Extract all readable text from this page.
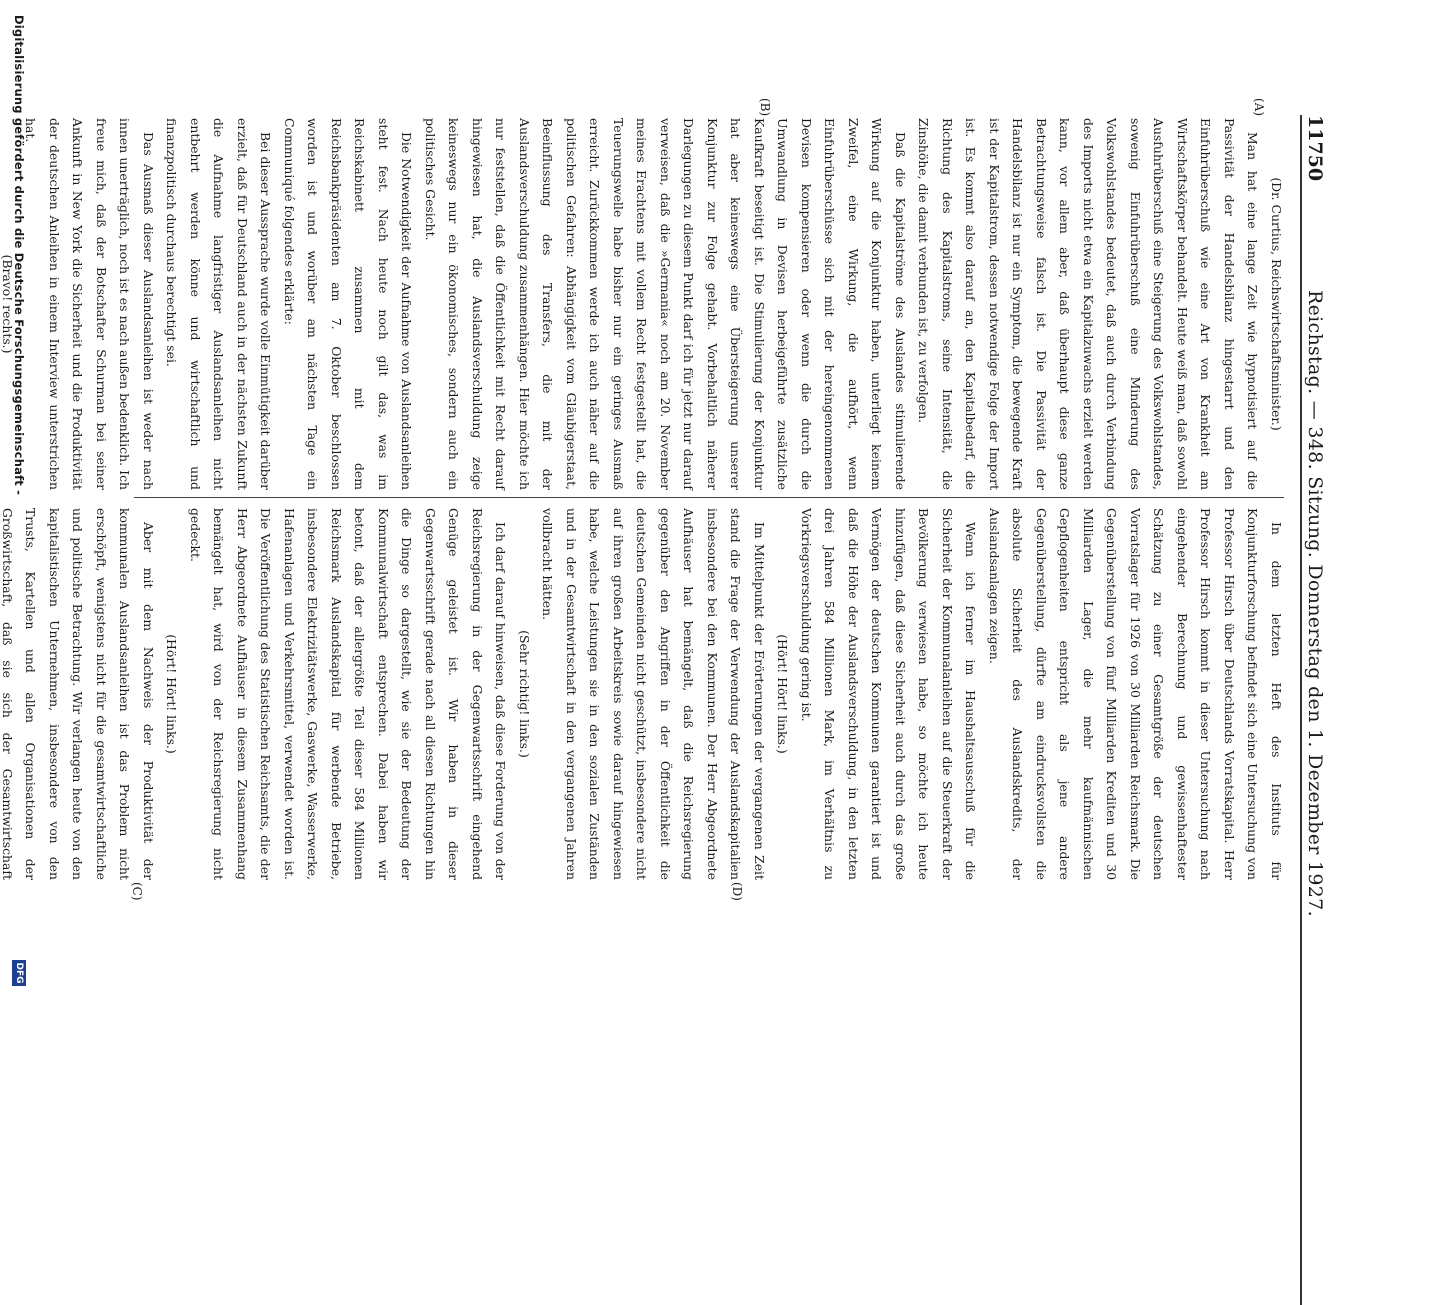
11750
Reichstag. — 348. Sitzung. Donnerstag den 1. Dezember 1927.
(A)
(B)
(C)	(D)

(Dr. Curtius, Reichswirtschaftsminister.)

Man hat eine lange Zeit wie hypnotisiert auf die Passivität der Handelsbilanz hingestarrt und den Einfuhrüberschuß wie eine Art von Krankheit am Wirtschaftskörper behandelt. Heute weiß man, daß sowohl Ausfuhrüberschuß eine Steigerung des Volkswohlstandes, sowenig Einfuhrüberschuß eine Minderung des Volkswohlstandes bedeutet, daß auch durch Verbindung des Imports nicht etwa ein Kapitalzuwachs erzielt werden kann, vor allem aber, daß überhaupt diese ganze Betrachtungsweise falsch ist. Die Passivität der Handelsbilanz ist nur ein Symptom, die bewegende Kraft ist der Kapitalstrom, dessen notwendige Folge der Import ist. Es kommt also darauf an, den Kapitalbedarf, die Richtung des Kapitalstroms, seine Intensität, die Zinshöhe, die damit verbunden ist, zu verfolgen.

Daß die Kapitalströme des Auslandes stimulierende Wirkung auf die Konjunktur haben, unterliegt keinem Zweifel, eine Wirkung, die aufhört, wenn Einfuhrüberschüsse sich mit der hereingenommenen Devisen kompensieren oder wenn die durch die Umwandlung in Devisen herbeigeführte zusätzliche Kaufkraft beseitigt ist. Die Stimulierung der Konjunktur hat aber keineswegs eine Übersteigerung unserer Konjunktur zur Folge gehabt. Vorbehaltlich näherer Darlegungen zu diesem Punkt darf ich für jetzt nur darauf verweisen, daß die »Germania« noch am 20. November meines Erachtens mit vollem Recht festgestellt hat, die Teuerungswelle habe bisher nur ein geringes Ausmaß erreicht. Zurückkommen werde ich auch näher auf die politischen Gefahren: Abhängigkeit vom Gläubigerstaat, Beeinflussung des Transfers, die mit der Auslandsverschuldung zusammenhängen. Hier möchte ich nur feststellen, daß die Öffentlichkeit mit Recht darauf hingewiesen hat, die Auslandsverschuldung zeige keineswegs nur ein ökonomisches, sondern auch ein politisches Gesicht.

Die Notwendigkeit der Aufnahme von Auslandsanleihen steht fest. Nach heute noch gilt das, was im Reichskabinett zusammen mit dem Reichsbankpräsidenten am 7. Oktober beschlossen worden ist und worüber am nächsten Tage ein Communiqué folgendes erklärte:

Bei dieser Aussprache wurde volle Einmütigkeit darüber erzielt, daß für Deutschland auch in der nächsten Zukunft die Aufnahme langfristiger Auslandsanleihen nicht entbehrt werden könne und wirtschaftlich und finanzpolitisch durchaus berechtigt sei.

Das Ausmaß dieser Auslandsanleihen ist weder nach innen unerträglich, noch ist es nach außen bedenklich. Ich freue mich, daß der Botschafter Schurman bei seiner Ankunft in New York die Sicherheit und die Produktivität der deutschen Anleihen in einem Interview unterstrichen hat.

(Bravo! rechts.)

In dem letzten Heft des Instituts für Konjunkturforschung befindet sich eine Untersuchung von Professor Hirsch über Deutschlands Vorratskapital. Herr Professor Hirsch kommt in dieser Untersuchung nach eingehender Berechnung und gewissenhaftester Schätzung zu einer Gesamtgröße der deutschen Vorratslager für 1926 von 30 Milliarden Reichsmark. Die Gegenüberstellung von fünf Milliarden Krediten und 30 Milliarden Lager, die mehr kaufmännischen Gepflogenheiten entspricht als jene andere Gegenüberstellung, dürfte am eindrucksvollsten die absolute Sicherheit des Auslandskredits, der Auslandsanlagen zeigen.

Wenn ich ferner im Haushaltsausschuß für die Sicherheit der Kommunalanleihen auf die Steuerkraft der Bevölkerung verwiesen habe, so möchte ich heute hinzufügen, daß diese Sicherheit auch durch das große Vermögen der deutschen Kommunen garantiert ist und daß die Höhe der Auslandsverschuldung, in den letzten drei Jahren 584 Millionen Mark, im Verhältnis zu Vorkriegsverschuldung gering ist.

(Hört! Hört! links.)

Im Mittelpunkt der Erörterungen der vergangenen Zeit stand die Frage der Verwendung der Auslandskapitalien insbesondere bei den Kommunen. Der Herr Abgeordnete Aufhäuser hat bemängelt, daß die Reichsregierung gegenüber den Angriffen in der Öffentlichkeit die deutschen Gemeinden nicht geschützt, insbesondere nicht auf ihren großen Arbeitskreis sowie darauf hingewiesen habe, welche Leistungen sie in den sozialen Zuständen und in der Gesamtwirtschaft in den vergangenen Jahren vollbracht hätten.

(Sehr richtig! links.)

Ich darf darauf hinweisen, daß diese Forderung von der Reichsregierung in der Gegenwartsschrift eingehend Genüge geleistet ist. Wir haben in dieser Gegenwartsschrift gerade nach all diesen Richtungen hin die Dinge so dargestellt, wie sie der Bedeutung der Kommunalwirtschaft entsprechen. Dabei haben wir betont, daß der allergrößte Teil dieser 584 Millionen Reichsmark Auslandskapital für werbende Betriebe, insbesondere Elektrizitätswerke, Gaswerke, Wasserwerke, Hafenanlagen und Verkehrsmittel, verwendet worden ist. Die Veröffentlichung des Statistischen Reichsamts, die der Herr Abgeordnete Aufhäuser in diesem Zusammenhang bemängelt hat, wird von der Reichsregierung nicht gedeckt.

(Hört! Hört! links.)

Aber mit dem Nachweis der Produktivität der kommunalen Auslandsanleihen ist das Problem nicht erschöpft, wenigstens nicht für die gesamtwirtschaftliche und politische Betrachtung. Wir verlangen heute von den kapitalistischen Unternehmen, insbesondere von den Trusts, Kartellen und allen Organisationen der Großwirtschaft, daß sie sich der Gesamtwirtschaft

Digitalisierung gefördert durch die Deutsche Forschungsgemeinschaft -
DFG
